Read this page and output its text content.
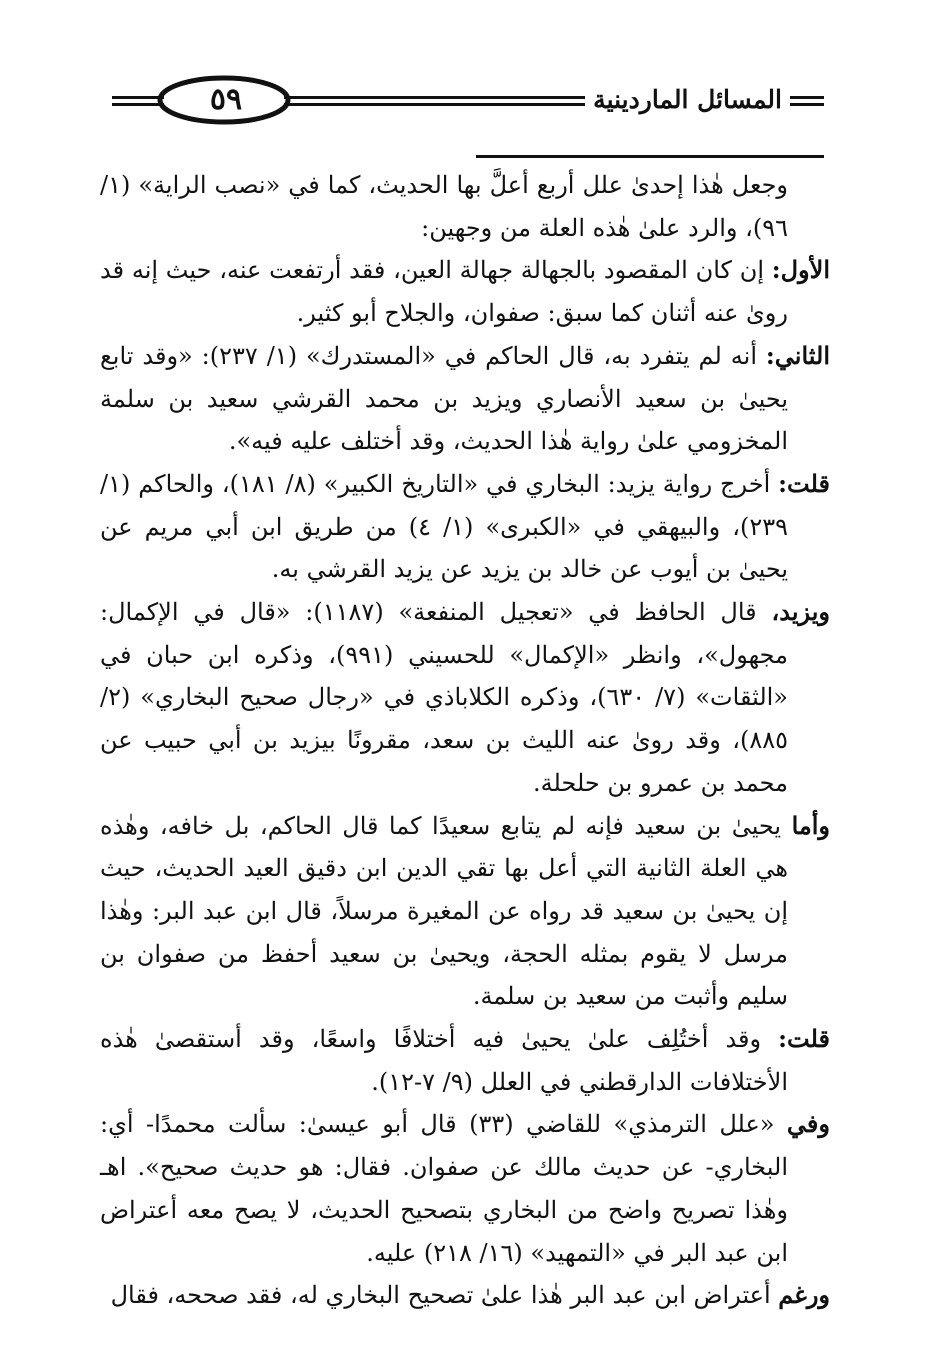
٥٩	المسائل الماردينية

وجعل هٰذا إحدىٰ علل أربع أعلَّ بها الحديث، كما في «نصب الراية» (١/ ٩٦)، والرد علىٰ هٰذه العلة من وجهين:

الأول: إن كان المقصود بالجهالة جهالة العين، فقد أرتفعت عنه، حيث إنه قد رویٰ عنه أثنان كما سبق: صفوان، والجلاح أبو كثير.

الثاني: أنه لم يتفرد به، قال الحاكم في «المستدرك» (١/ ٢٣٧): «وقد تابع يحيىٰ بن سعيد الأنصاري ويزيد بن محمد القرشي سعيد بن سلمة المخزومي علىٰ رواية هٰذا الحديث، وقد أختلف عليه فيه».

قلت: أخرج رواية يزيد: البخاري في «التاريخ الكبير» (٨/ ١٨١)، والحاكم (١/ ٢٣٩)، والبيهقي في «الكبرى» (١/ ٤) من طريق ابن أبي مريم عن يحيىٰ بن أيوب عن خالد بن يزيد عن يزيد القرشي به.

ويزيد، قال الحافظ في «تعجيل المنفعة» (١١٨٧): «قال في الإكمال: مجهول»، وانظر «الإكمال» للحسيني (٩٩١)، وذكره ابن حبان في «الثقات» (٧/ ٦٣٠)، وذكره الكلاباذي في «رجال صحيح البخاري» (٢/ ٨٨٥)، وقد رویٰ عنه الليث بن سعد، مقرونًا بيزيد بن أبي حبيب عن محمد بن عمرو بن حلحلة.

وأما يحيىٰ بن سعيد فإنه لم يتابع سعيدًا كما قال الحاكم، بل خافه، وهٰذه هي العلة الثانية التي أعل بها تقي الدين ابن دقيق العيد الحديث، حيث إن يحيىٰ بن سعيد قد رواه عن المغيرة مرسلاً، قال ابن عبد البر: وهٰذا مرسل لا يقوم بمثله الحجة، ويحيىٰ بن سعيد أحفظ من صفوان بن سليم وأثبت من سعيد بن سلمة.

قلت: وقد أختُلِف علىٰ يحيىٰ فيه أختلافًا واسعًا، وقد أستقصىٰ هٰذه الأختلافات الدارقطني في العلل (٩/ ٧-١٢).

وفي «علل الترمذي» للقاضي (٣٣) قال أبو عيسىٰ: سألت محمدًا- أي: البخاري- عن حديث مالك عن صفوان. فقال: هو حديث صحيح». اهـ وهٰذا تصريح واضح من البخاري بتصحيح الحديث، لا يصح معه أعتراض ابن عبد البر في «التمهيد» (١٦/ ٢١٨) عليه.

ورغم أعتراض ابن عبد البر هٰذا علىٰ تصحيح البخاري له، فقد صححه، فقال
